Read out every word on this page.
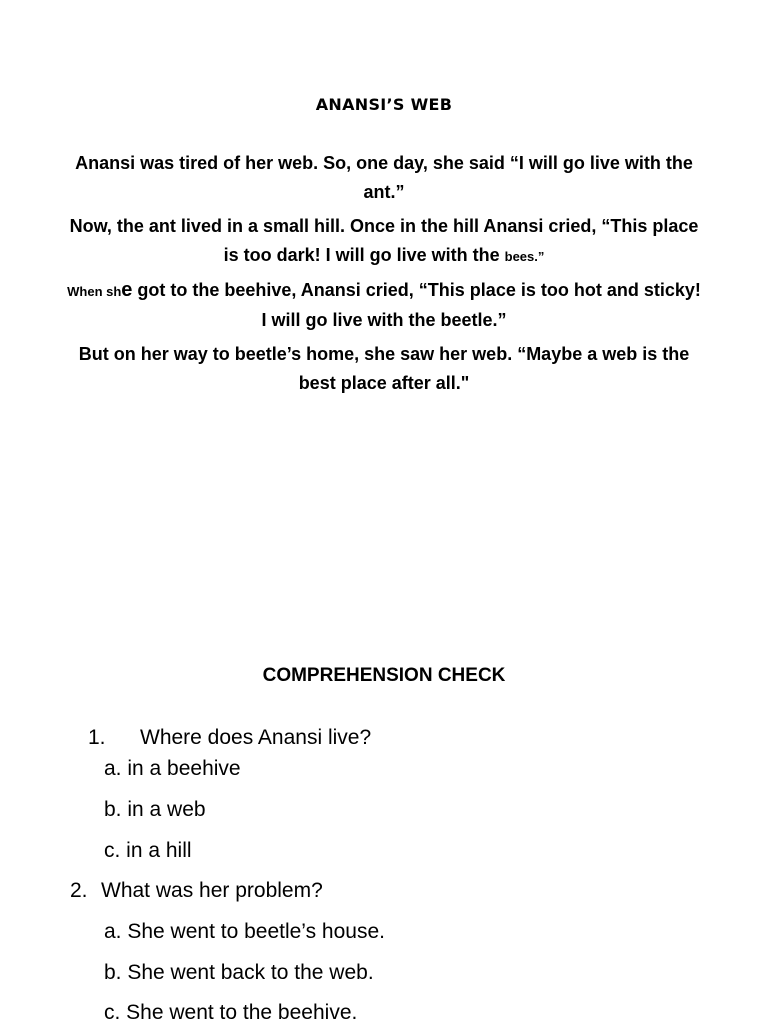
ANANSI’S WEB

Anansi was tired of her web. So, one day, she said “I will go live with the ant.”

Now, the ant lived in a small hill. Once in the hill Anansi cried, “This place is too dark! I will go live with the bees.”

When she got to the beehive, Anansi cried, “This place is too hot and sticky! I will go live with the beetle.”

But on her way to beetle’s home, she saw her web. “Maybe a web is the best place after all."

COMPREHENSION CHECK
1. Where does Anansi live?
a. in a beehive
b. in a web
c. in a hill
2. What was her problem?
a. She went to beetle’s house.
b. She went back to the web.
c. She went to the beehive.
